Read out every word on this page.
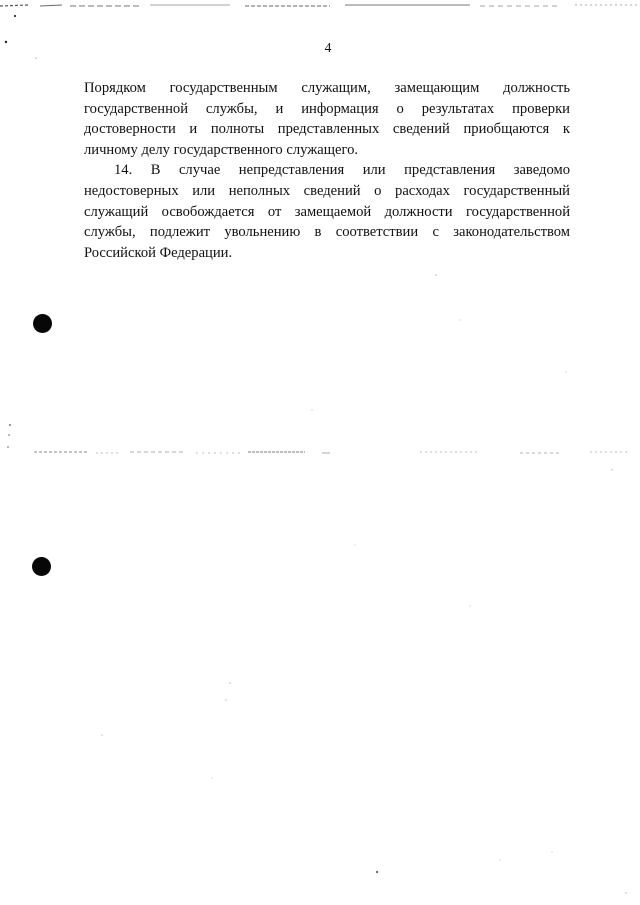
4
Порядком государственным служащим, замещающим должность
государственной службы, и информация о результатах проверки
достоверности и полноты представленных сведений приобщаются к
личному делу государственного служащего.
14. В случае непредставления или представления заведомо
недостоверных или неполных сведений о расходах государственный
служащий освобождается от замещаемой должности государственной
службы, подлежит увольнению в соответствии с законодательством
Российской Федерации.
